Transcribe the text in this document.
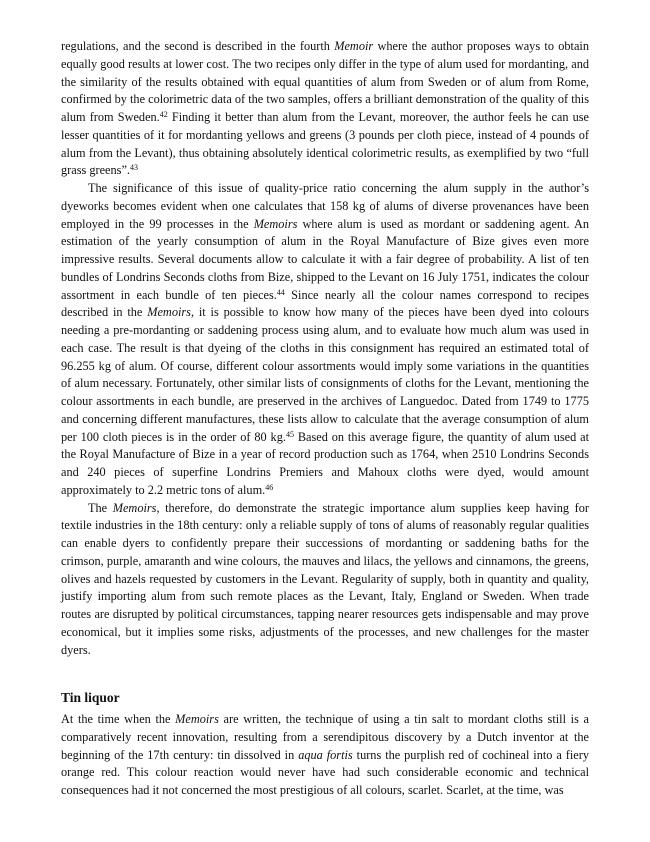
regulations, and the second is described in the fourth Memoir where the author proposes ways to obtain equally good results at lower cost. The two recipes only differ in the type of alum used for mordanting, and the similarity of the results obtained with equal quantities of alum from Sweden or of alum from Rome, confirmed by the colorimetric data of the two samples, offers a brilliant demonstration of the quality of this alum from Sweden.$^{42}$ Finding it better than alum from the Levant, moreover, the author feels he can use lesser quantities of it for mordanting yellows and greens (3 pounds per cloth piece, instead of 4 pounds of alum from the Levant), thus obtaining absolutely identical colorimetric results, as exemplified by two “full grass greens”.$^{43}$

The significance of this issue of quality-price ratio concerning the alum supply in the author’s dyeworks becomes evident when one calculates that 158 kg of alums of diverse provenances have been employed in the 99 processes in the Memoirs where alum is used as mordant or saddening agent. An estimation of the yearly consumption of alum in the Royal Manufacture of Bize gives even more impressive results. Several documents allow to calculate it with a fair degree of probability. A list of ten bundles of Londrins Seconds cloths from Bize, shipped to the Levant on 16 July 1751, indicates the colour assortment in each bundle of ten pieces.$^{44}$ Since nearly all the colour names correspond to recipes described in the Memoirs, it is possible to know how many of the pieces have been dyed into colours needing a pre-mordanting or saddening process using alum, and to evaluate how much alum was used in each case. The result is that dyeing of the cloths in this consignment has required an estimated total of 96.255 kg of alum. Of course, different colour assortments would imply some variations in the quantities of alum necessary. Fortunately, other similar lists of consignments of cloths for the Levant, mentioning the colour assortments in each bundle, are preserved in the archives of Languedoc. Dated from 1749 to 1775 and concerning different manufactures, these lists allow to calculate that the average consumption of alum per 100 cloth pieces is in the order of 80 kg.$^{45}$ Based on this average figure, the quantity of alum used at the Royal Manufacture of Bize in a year of record production such as 1764, when 2510 Londrins Seconds and 240 pieces of superfine Londrins Premiers and Mahoux cloths were dyed, would amount approximately to 2.2 metric tons of alum.$^{46}$

The Memoirs, therefore, do demonstrate the strategic importance alum supplies keep having for textile industries in the 18th century: only a reliable supply of tons of alums of reasonably regular qualities can enable dyers to confidently prepare their successions of mordanting or saddening baths for the crimson, purple, amaranth and wine colours, the mauves and lilacs, the yellows and cinnamons, the greens, olives and hazels requested by customers in the Levant. Regularity of supply, both in quantity and quality, justify importing alum from such remote places as the Levant, Italy, England or Sweden. When trade routes are disrupted by political circumstances, tapping nearer resources gets indispensable and may prove economical, but it implies some risks, adjustments of the processes, and new challenges for the master dyers.

Tin liquor

At the time when the Memoirs are written, the technique of using a tin salt to mordant cloths still is a comparatively recent innovation, resulting from a serendipitous discovery by a Dutch inventor at the beginning of the 17th century: tin dissolved in aqua fortis turns the purplish red of cochineal into a fiery orange red. This colour reaction would never have had such considerable economic and technical consequences had it not concerned the most prestigious of all colours, scarlet. Scarlet, at the time, was
